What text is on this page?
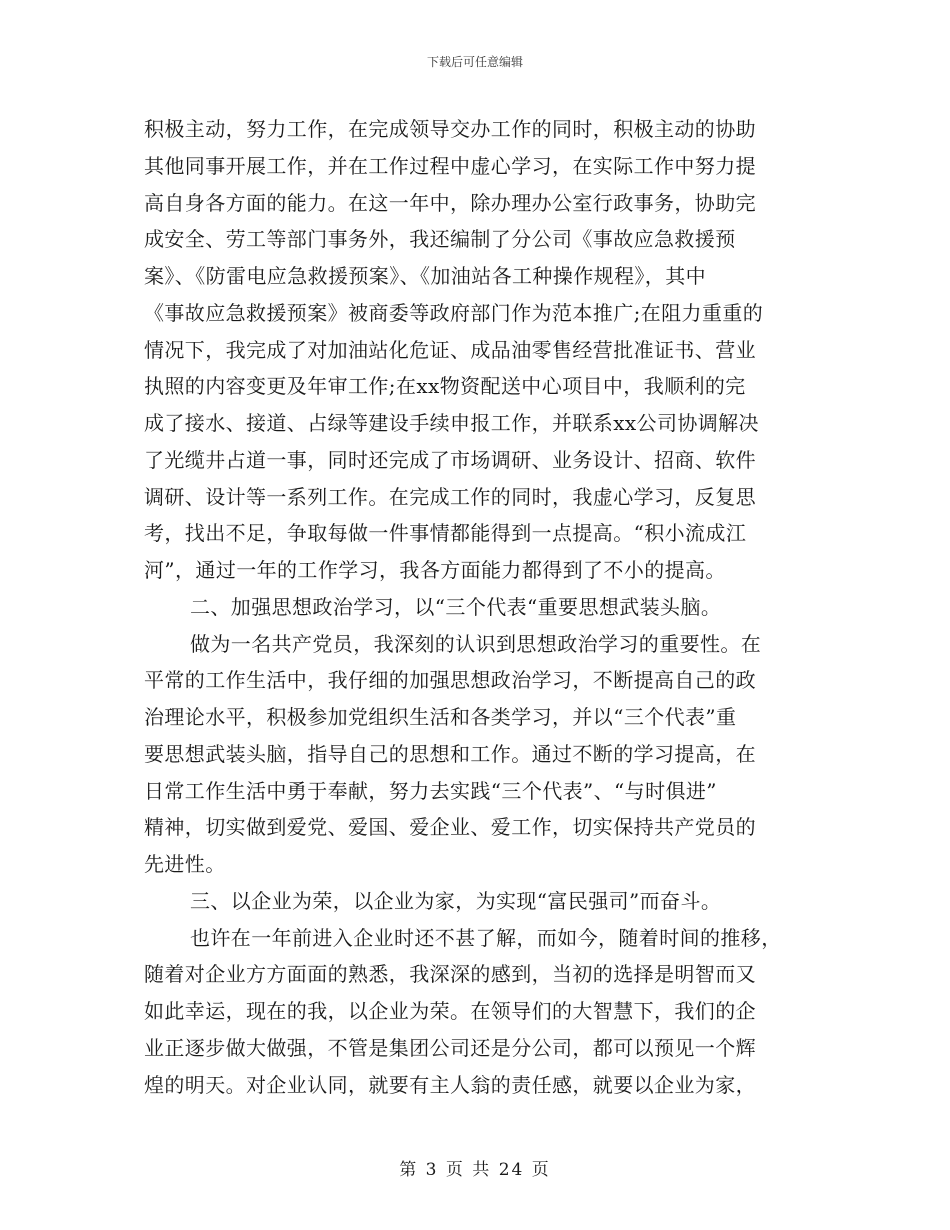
下载后可任意编辑
积极主动，努力工作，在完成领导交办工作的同时，积极主动的协助
其他同事开展工作，并在工作过程中虚心学习，在实际工作中努力提
高自身各方面的能力。在这一年中，除办理办公室行政事务，协助完
成安全、劳工等部门事务外，我还编制了分公司《事故应急救援预
案》、《防雷电应急救援预案》、《加油站各工种操作规程》，其中
《事故应急救援预案》被商委等政府部门作为范本推广;在阻力重重的
情况下，我完成了对加油站化危证、成品油零售经营批准证书、营业
执照的内容变更及年审工作;在xx物资配送中心项目中，我顺利的完
成了接水、接道、占绿等建设手续申报工作，并联系xx公司协调解决
了光缆井占道一事，同时还完成了市场调研、业务设计、招商、软件
调研、设计等一系列工作。在完成工作的同时，我虚心学习，反复思
考，找出不足，争取每做一件事情都能得到一点提高。“积小流成江
河”，通过一年的工作学习，我各方面能力都得到了不小的提高。
二、加强思想政治学习，以“三个代表“重要思想武装头脑。
做为一名共产党员，我深刻的认识到思想政治学习的重要性。在
平常的工作生活中，我仔细的加强思想政治学习，不断提高自己的政
治理论水平，积极参加党组织生活和各类学习，并以“三个代表”重
要思想武装头脑，指导自己的思想和工作。通过不断的学习提高，在
日常工作生活中勇于奉献，努力去实践“三个代表”、“与时俱进”
精神，切实做到爱党、爱国、爱企业、爱工作，切实保持共产党员的
先进性。
三、以企业为荣，以企业为家，为实现“富民强司”而奋斗。
也许在一年前进入企业时还不甚了解，而如今，随着时间的推移，
随着对企业方方面面的熟悉，我深深的感到，当初的选择是明智而又
如此幸运，现在的我，以企业为荣。在领导们的大智慧下，我们的企
业正逐步做大做强，不管是集团公司还是分公司，都可以预见一个辉
煌的明天。对企业认同，就要有主人翁的责任感，就要以企业为家，
第 3 页 共 24 页
